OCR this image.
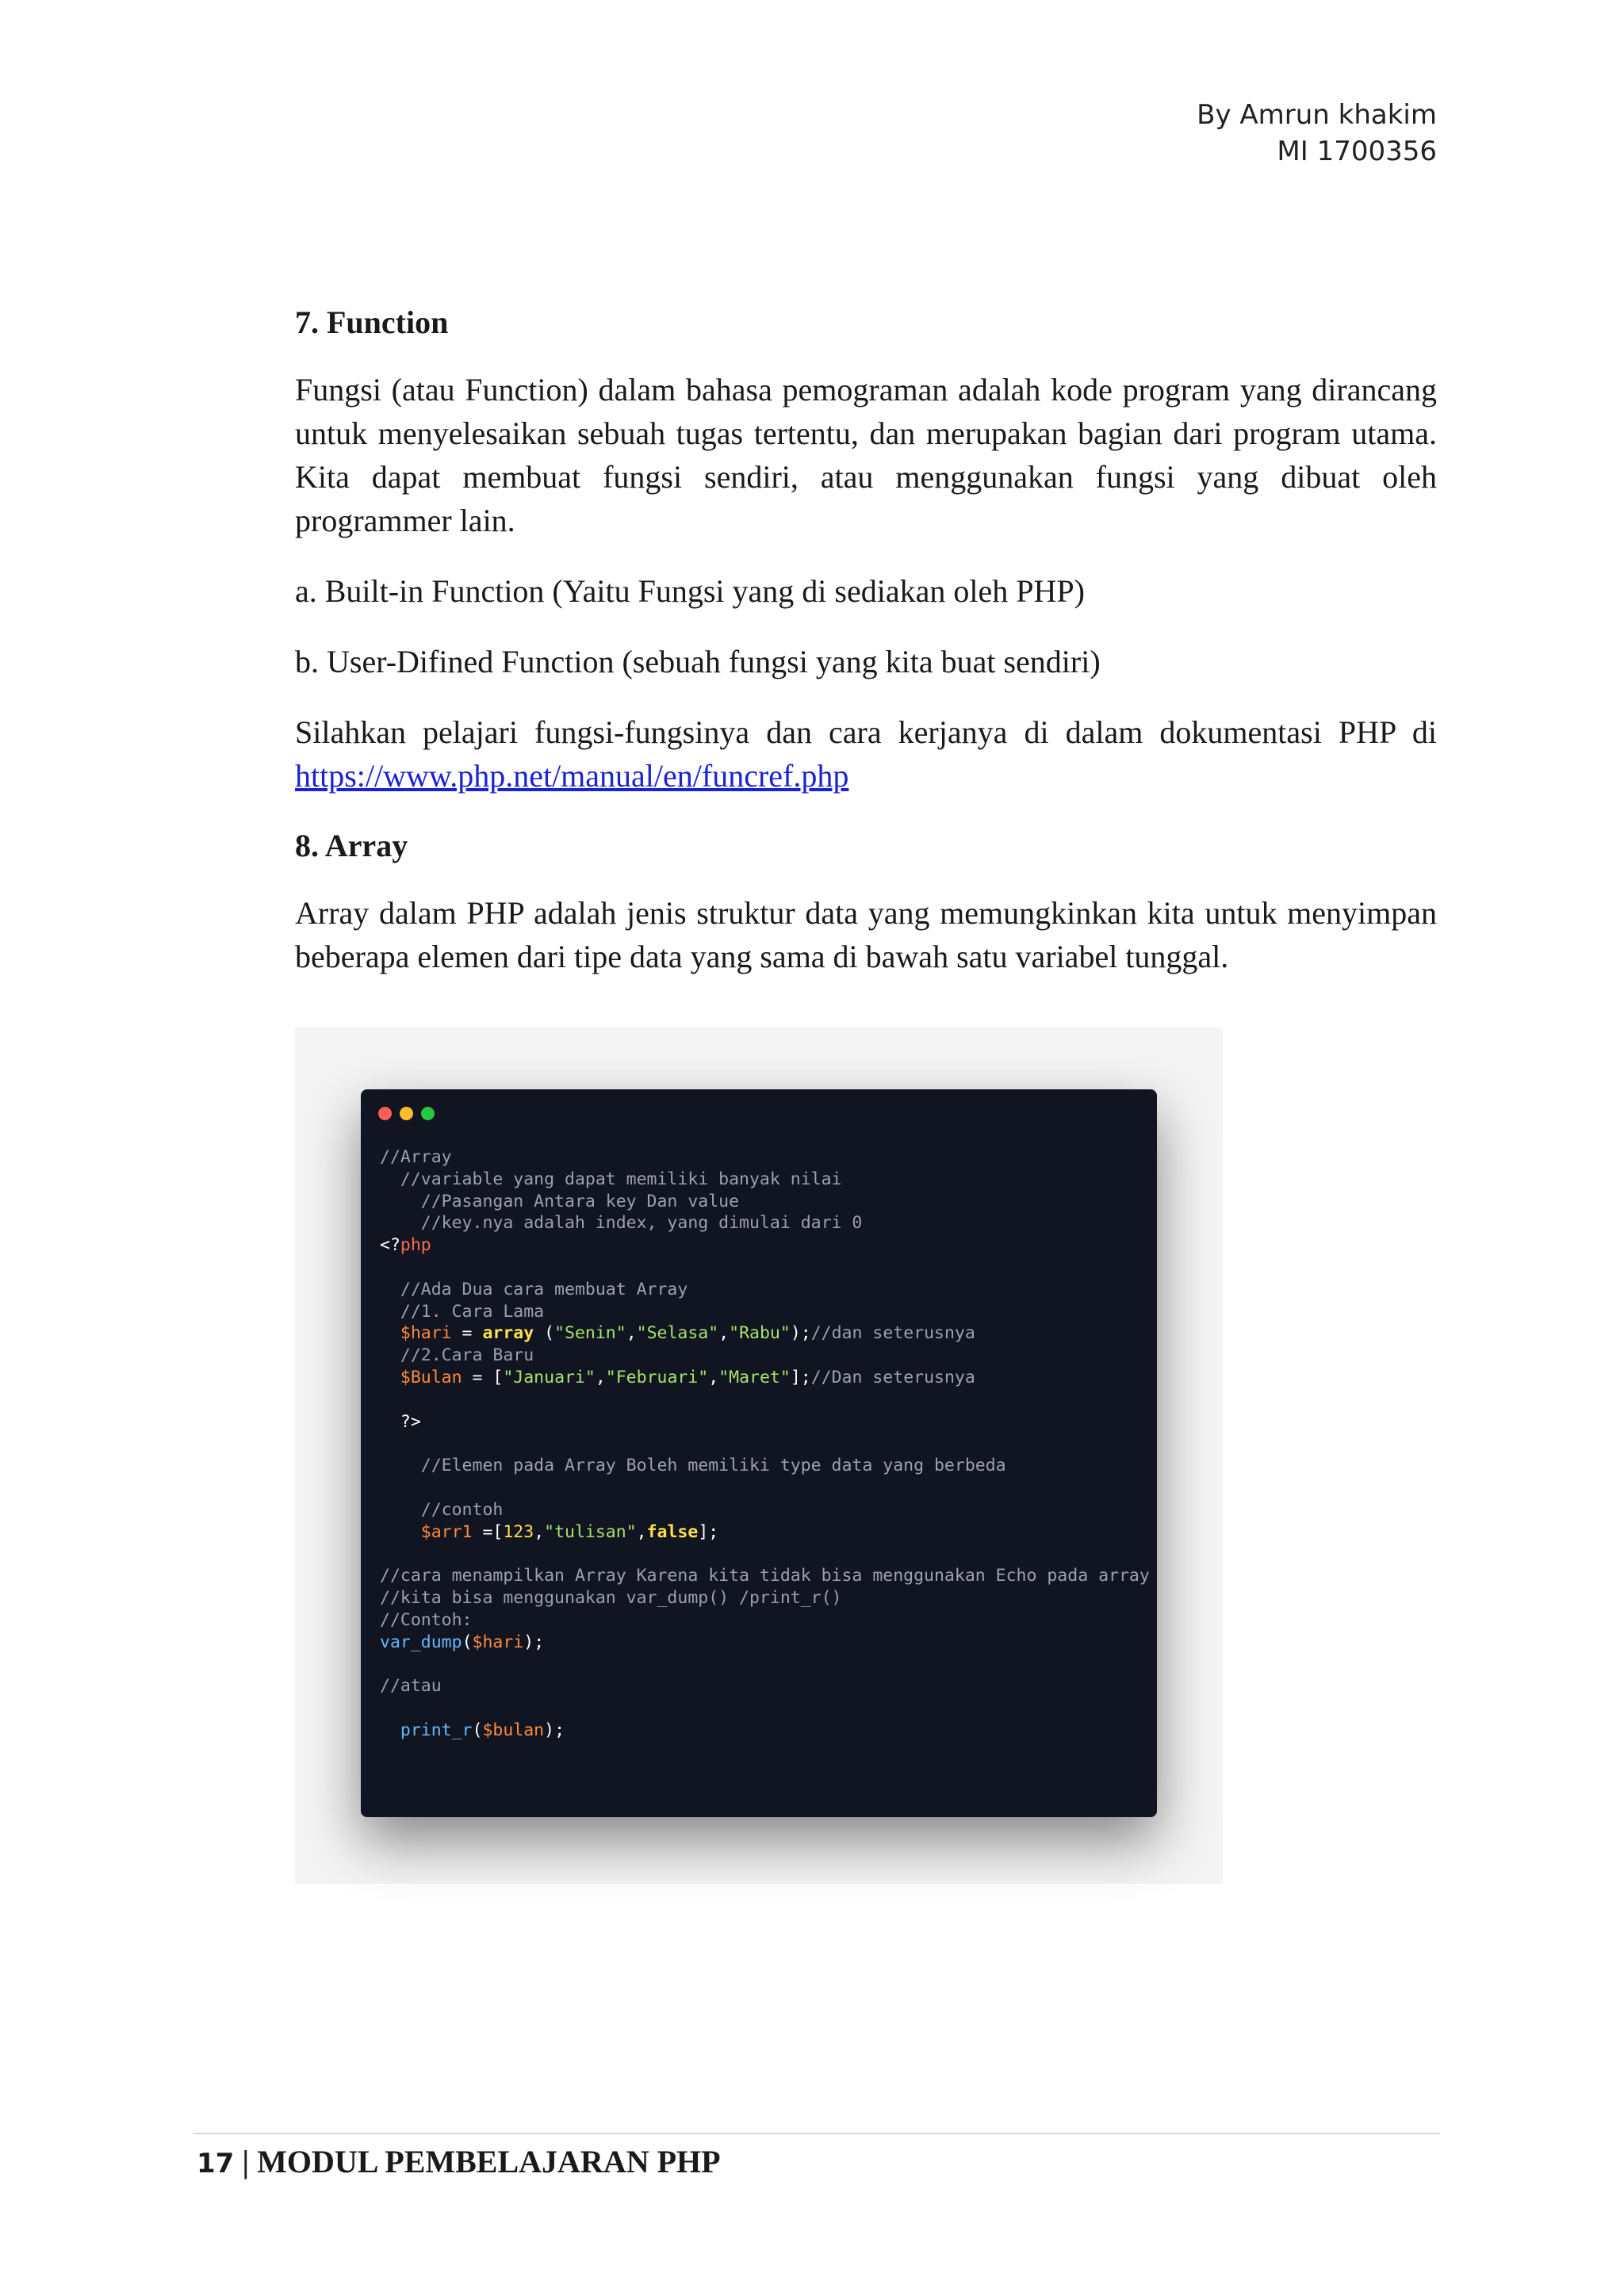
By Amrun khakim
MI 1700356
7. Function

Fungsi (atau Function) dalam bahasa pemograman adalah kode program yang dirancang untuk menyelesaikan sebuah tugas tertentu, dan merupakan bagian dari program utama. Kita dapat membuat fungsi sendiri, atau menggunakan fungsi yang dibuat oleh programmer lain.

a. Built-in Function (Yaitu Fungsi yang di sediakan oleh PHP)

b. User-Difined Function (sebuah fungsi yang kita buat sendiri)

Silahkan pelajari fungsi-fungsinya dan cara kerjanya di dalam dokumentasi PHP di https://www.php.net/manual/en/funcref.php

8. Array

Array dalam PHP adalah jenis struktur data yang memungkinkan kita untuk menyimpan beberapa elemen dari tipe data yang sama di bawah satu variabel tunggal.

//Array
//variable yang dapat memiliki banyak nilai
//Pasangan Antara key Dan value
//key.nya adalah index, yang dimulai dari 0
<?php

//Ada Dua cara membuat Array
//1. Cara Lama
$hari = array ("Senin","Selasa","Rabu");//dan seterusnya
//2.Cara Baru
$Bulan = ["Januari","Februari","Maret"];//Dan seterusnya

?>

//Elemen pada Array Boleh memiliki type data yang berbeda

//contoh
$arr1 =[123,"tulisan",false];

//cara menampilkan Array Karena kita tidak bisa menggunakan Echo pada array
//kita bisa menggunakan var_dump() /print_r()
//Contoh:
var_dump($hari);

//atau

print_r($bulan);
17 | MODUL PEMBELAJARAN PHP
